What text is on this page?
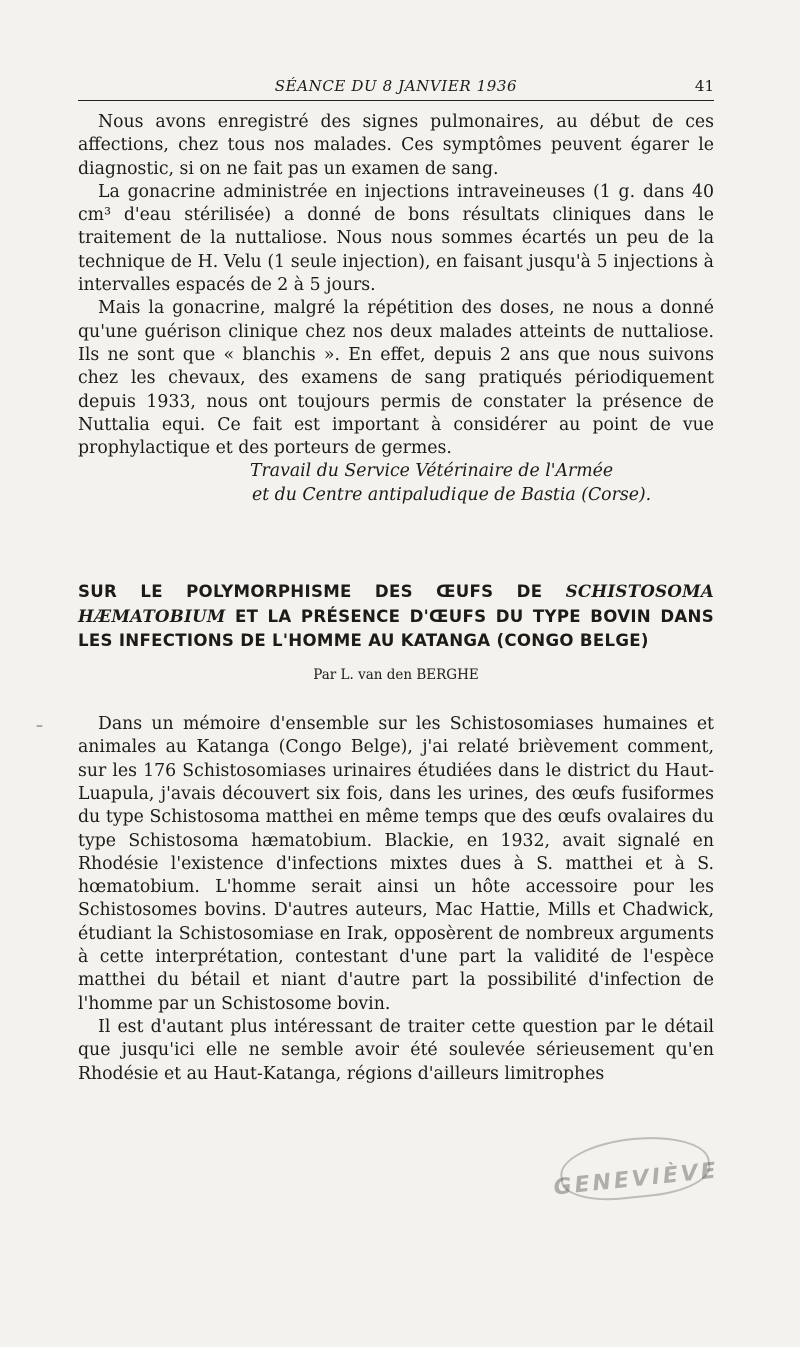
SÉANCE DU 8 JANVIER 1936	41

Nous avons enregistré des signes pulmonaires, au début de ces affections, chez tous nos malades. Ces symptômes peuvent égarer le diagnostic, si on ne fait pas un examen de sang.

La gonacrine administrée en injections intraveineuses (1 g. dans 40 cm³ d'eau stérilisée) a donné de bons résultats cliniques dans le traitement de la nuttaliose. Nous nous sommes écartés un peu de la technique de H. Velu (1 seule injection), en faisant jusqu'à 5 injections à intervalles espacés de 2 à 5 jours.

Mais la gonacrine, malgré la répétition des doses, ne nous a donné qu'une guérison clinique chez nos deux malades atteints de nuttaliose. Ils ne sont que « blanchis ». En effet, depuis 2 ans que nous suivons chez les chevaux, des examens de sang pratiqués périodiquement depuis 1933, nous ont toujours permis de constater la présence de Nuttalia equi. Ce fait est important à considérer au point de vue prophylactique et des porteurs de germes.

Travail du Service Vétérinaire de l'Armée

et du Centre antipaludique de Bastia (Corse).

SUR LE POLYMORPHISME DES ŒUFS DE SCHISTOSOMA HÆMATOBIUM ET LA PRÉSENCE D'ŒUFS DU TYPE BOVIN DANS LES INFECTIONS DE L'HOMME AU KATANGA (CONGO BELGE)
Par L. van den BERGHE

Dans un mémoire d'ensemble sur les Schistosomiases humaines et animales au Katanga (Congo Belge), j'ai relaté brièvement comment, sur les 176 Schistosomiases urinaires étudiées dans le district du Haut-Luapula, j'avais découvert six fois, dans les urines, des œufs fusiformes du type Schistosoma matthei en même temps que des œufs ovalaires du type Schistosoma hæmatobium. Blackie, en 1932, avait signalé en Rhodésie l'existence d'infections mixtes dues à S. matthei et à S. hœmatobium. L'homme serait ainsi un hôte accessoire pour les Schistosomes bovins. D'autres auteurs, Mac Hattie, Mills et Chadwick, étudiant la Schistosomiase en Irak, opposèrent de nombreux arguments à cette interprétation, contestant d'une part la validité de l'espèce matthei du bétail et niant d'autre part la possibilité d'infection de l'homme par un Schistosome bovin.

Il est d'autant plus intéressant de traiter cette question par le détail que jusqu'ici elle ne semble avoir été soulevée sérieusement qu'en Rhodésie et au Haut-Katanga, régions d'ailleurs limitrophes

–
GENEVIÈVE
